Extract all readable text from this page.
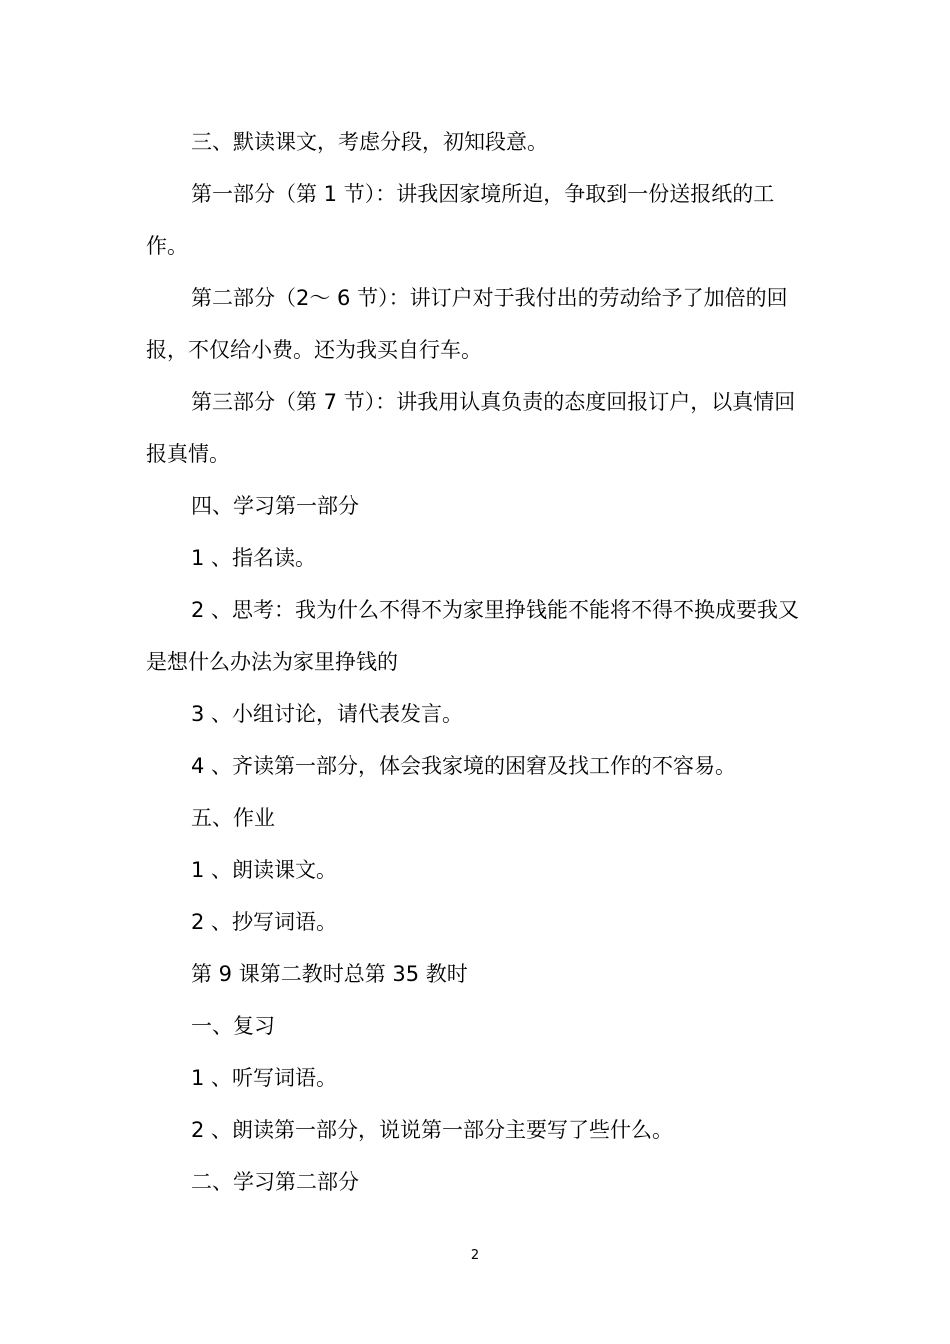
三、默读课文，考虑分段，初知段意。

第一部分（第 1 节）：讲我因家境所迫，争取到一份送报纸的工作。

第二部分（2～ 6 节）：讲订户对于我付出的劳动给予了加倍的回报，不仅给小费。还为我买自行车。

第三部分（第 7 节）：讲我用认真负责的态度回报订户，以真情回报真情。

四、学习第一部分

1 、指名读。

2 、思考：我为什么不得不为家里挣钱能不能将不得不换成要我又是想什么办法为家里挣钱的

3 、小组讨论，请代表发言。

4 、齐读第一部分，体会我家境的困窘及找工作的不容易。

五、作业

1 、朗读课文。

2 、抄写词语。

第 9 课第二教时总第 35 教时

一、复习

1 、听写词语。

2 、朗读第一部分，说说第一部分主要写了些什么。

二、学习第二部分

2
